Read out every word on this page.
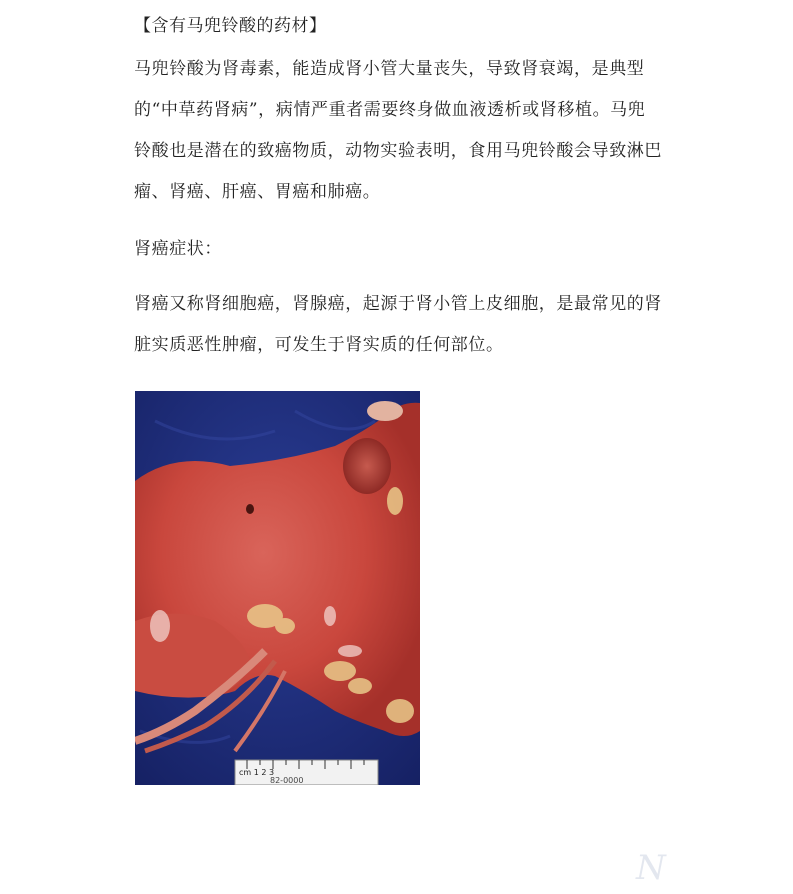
【含有马兜铃酸的药材】

马兜铃酸为肾毒素，能造成肾小管大量丧失，导致肾衰竭，是典型的“中草药肾病”，病情严重者需要终身做血液透析或肾移植。马兜铃酸也是潜在的致癌物质，动物实验表明，食用马兜铃酸会导致淋巴瘤、肾癌、肝癌、胃癌和肺癌。

肾癌症状：

肾癌又称肾细胞癌，肾腺癌，起源于肾小管上皮细胞，是最常见的肾脏实质恶性肿瘤，可发生于肾实质的任何部位。

cm 1 2 3
82-0000
N
